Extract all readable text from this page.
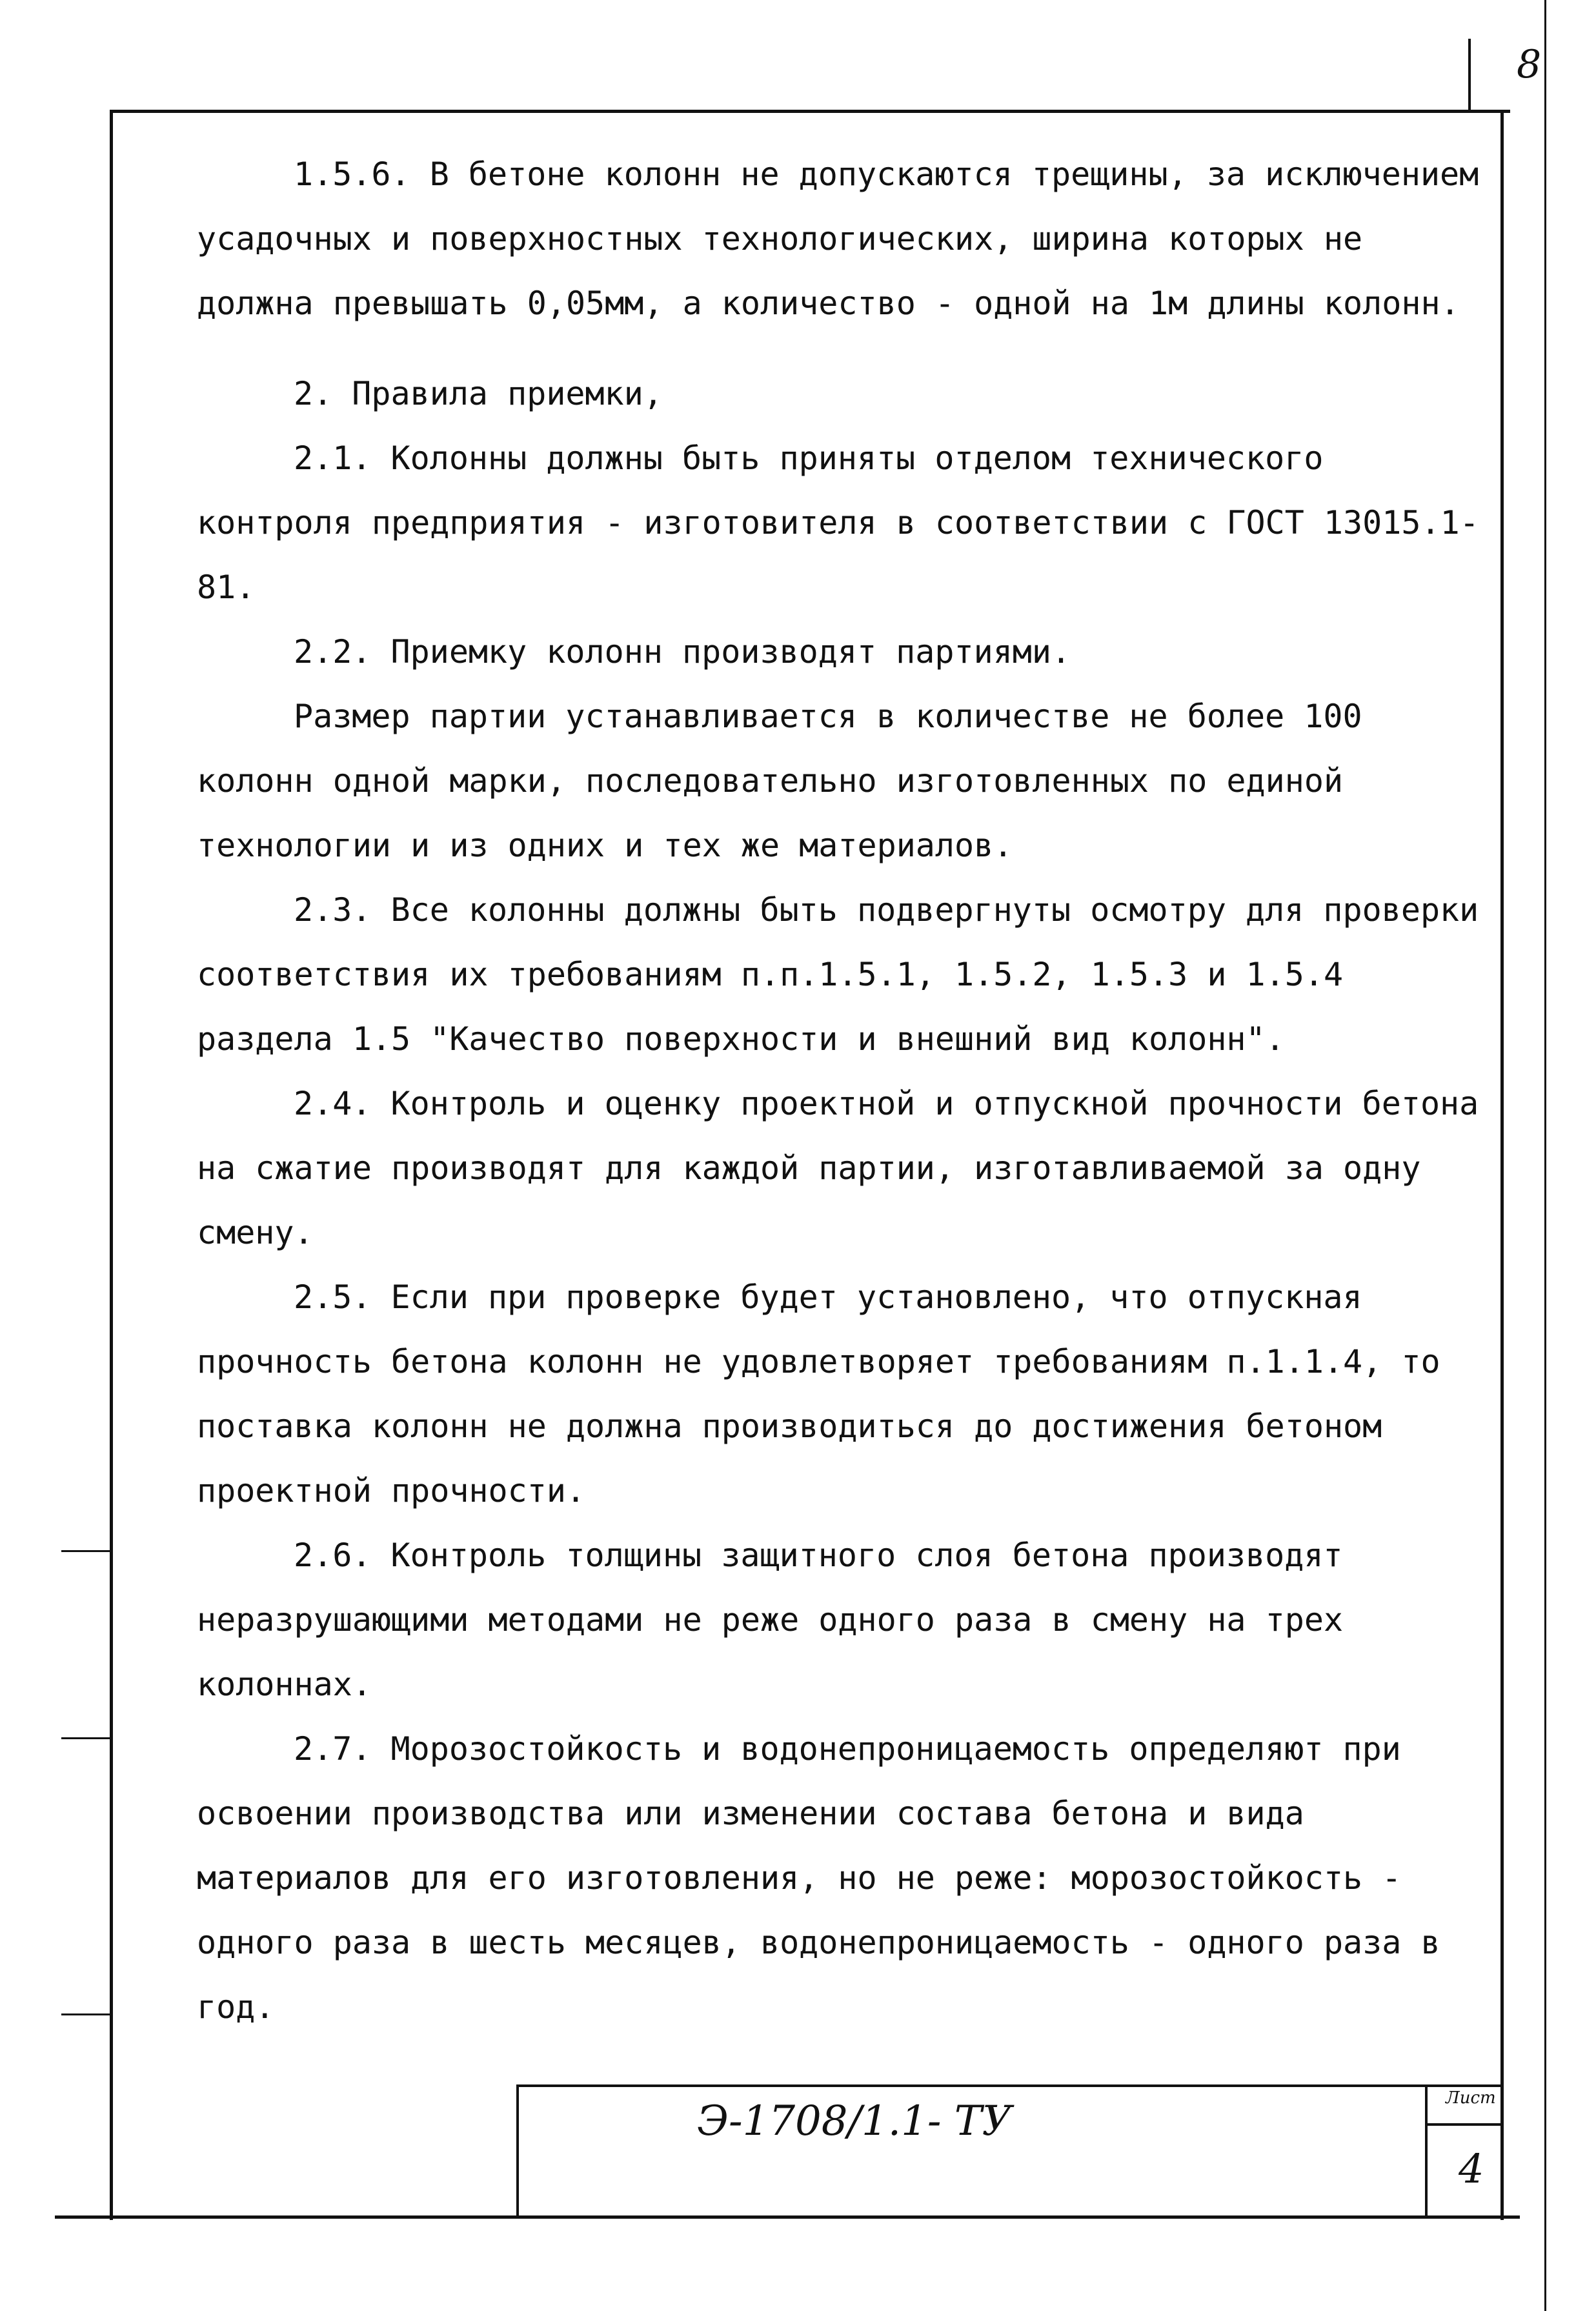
8

1.5.6. В бетоне колонн не допускаются трещины, за исключением усадочных и поверхностных технологических, ширина которых не должна превышать 0,05мм, а количество - одной на 1м длины колонн.

2. Правила приемки,

2.1. Колонны должны быть приняты отделом технического контроля предприятия - изготовителя в соответствии с ГОСТ 13015.1-81.

2.2. Приемку колонн производят партиями.

Размер партии устанавливается в количестве не более 100 колонн одной марки, последовательно изготовленных по единой технологии и из одних и тех же материалов.

2.3. Все колонны должны быть подвергнуты осмотру для проверки соответствия их требованиям п.п.1.5.1, 1.5.2, 1.5.3 и 1.5.4 раздела 1.5 "Качество поверхности и внешний вид колонн".

2.4. Контроль и оценку проектной и отпускной прочности бетона на сжатие производят для каждой партии, изготавливаемой за одну смену.

2.5. Если при проверке будет установлено, что отпускная прочность бетона колонн не удовлетворяет требованиям п.1.1.4, то поставка колонн не должна производиться до достижения бетоном проектной прочности.

2.6. Контроль толщины защитного слоя бетона производят неразрушающими методами не реже одного раза в смену на трех колоннах.

2.7. Морозостойкость и водонепроницаемость определяют при освоении производства или изменении состава бетона и вида материалов для его изготовления, но не реже: морозостойкость - одного раза в шесть месяцев, водонепроницаемость - одного раза в год.

Э-1708/1.1- ТУ	Лист
4
